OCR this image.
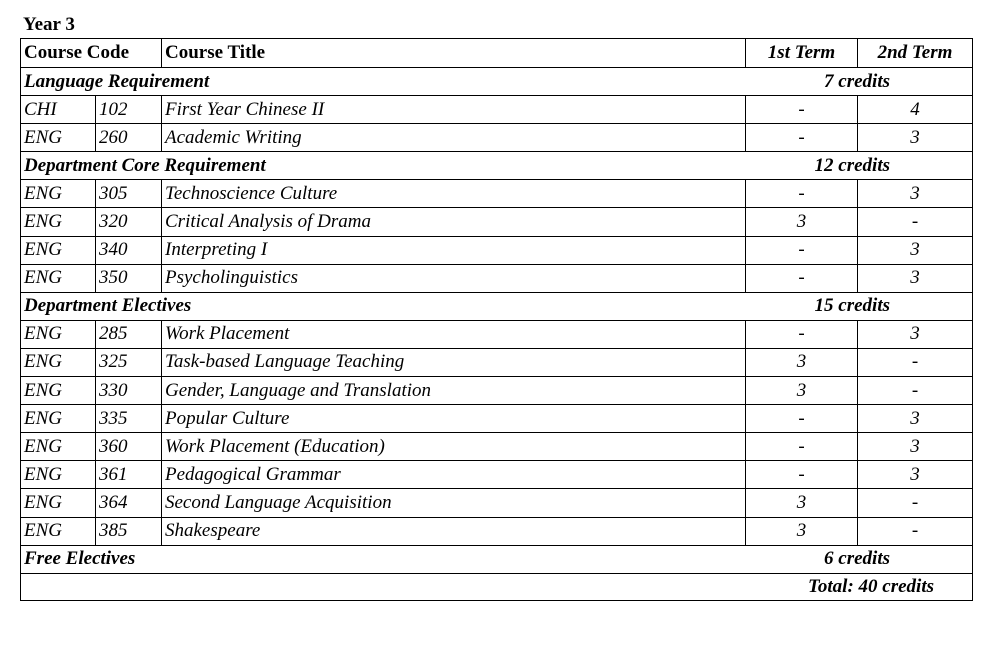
Year 3
Course Code		Course Title	1st Term	2nd Term
Language Requirement			7 credits	
CHI	102	First Year Chinese II	-	4
ENG	260	Academic Writing	-	3
Department Core Requirement			12 credits	
ENG	305	Technoscience Culture	-	3
ENG	320	Critical Analysis of Drama	3	-
ENG	340	Interpreting I	-	3
ENG	350	Psycholinguistics	-	3
Department Electives			15 credits	
ENG	285	Work Placement	-	3
ENG	325	Task-based Language Teaching	3	-
ENG	330	Gender, Language and Translation	3	-
ENG	335	Popular Culture	-	3
ENG	360	Work Placement (Education)	-	3
ENG	361	Pedagogical Grammar	-	3
ENG	364	Second Language Acquisition	3	-
ENG	385	Shakespeare	3	-
Free Electives			6 credits	
Total: 40 credits				
